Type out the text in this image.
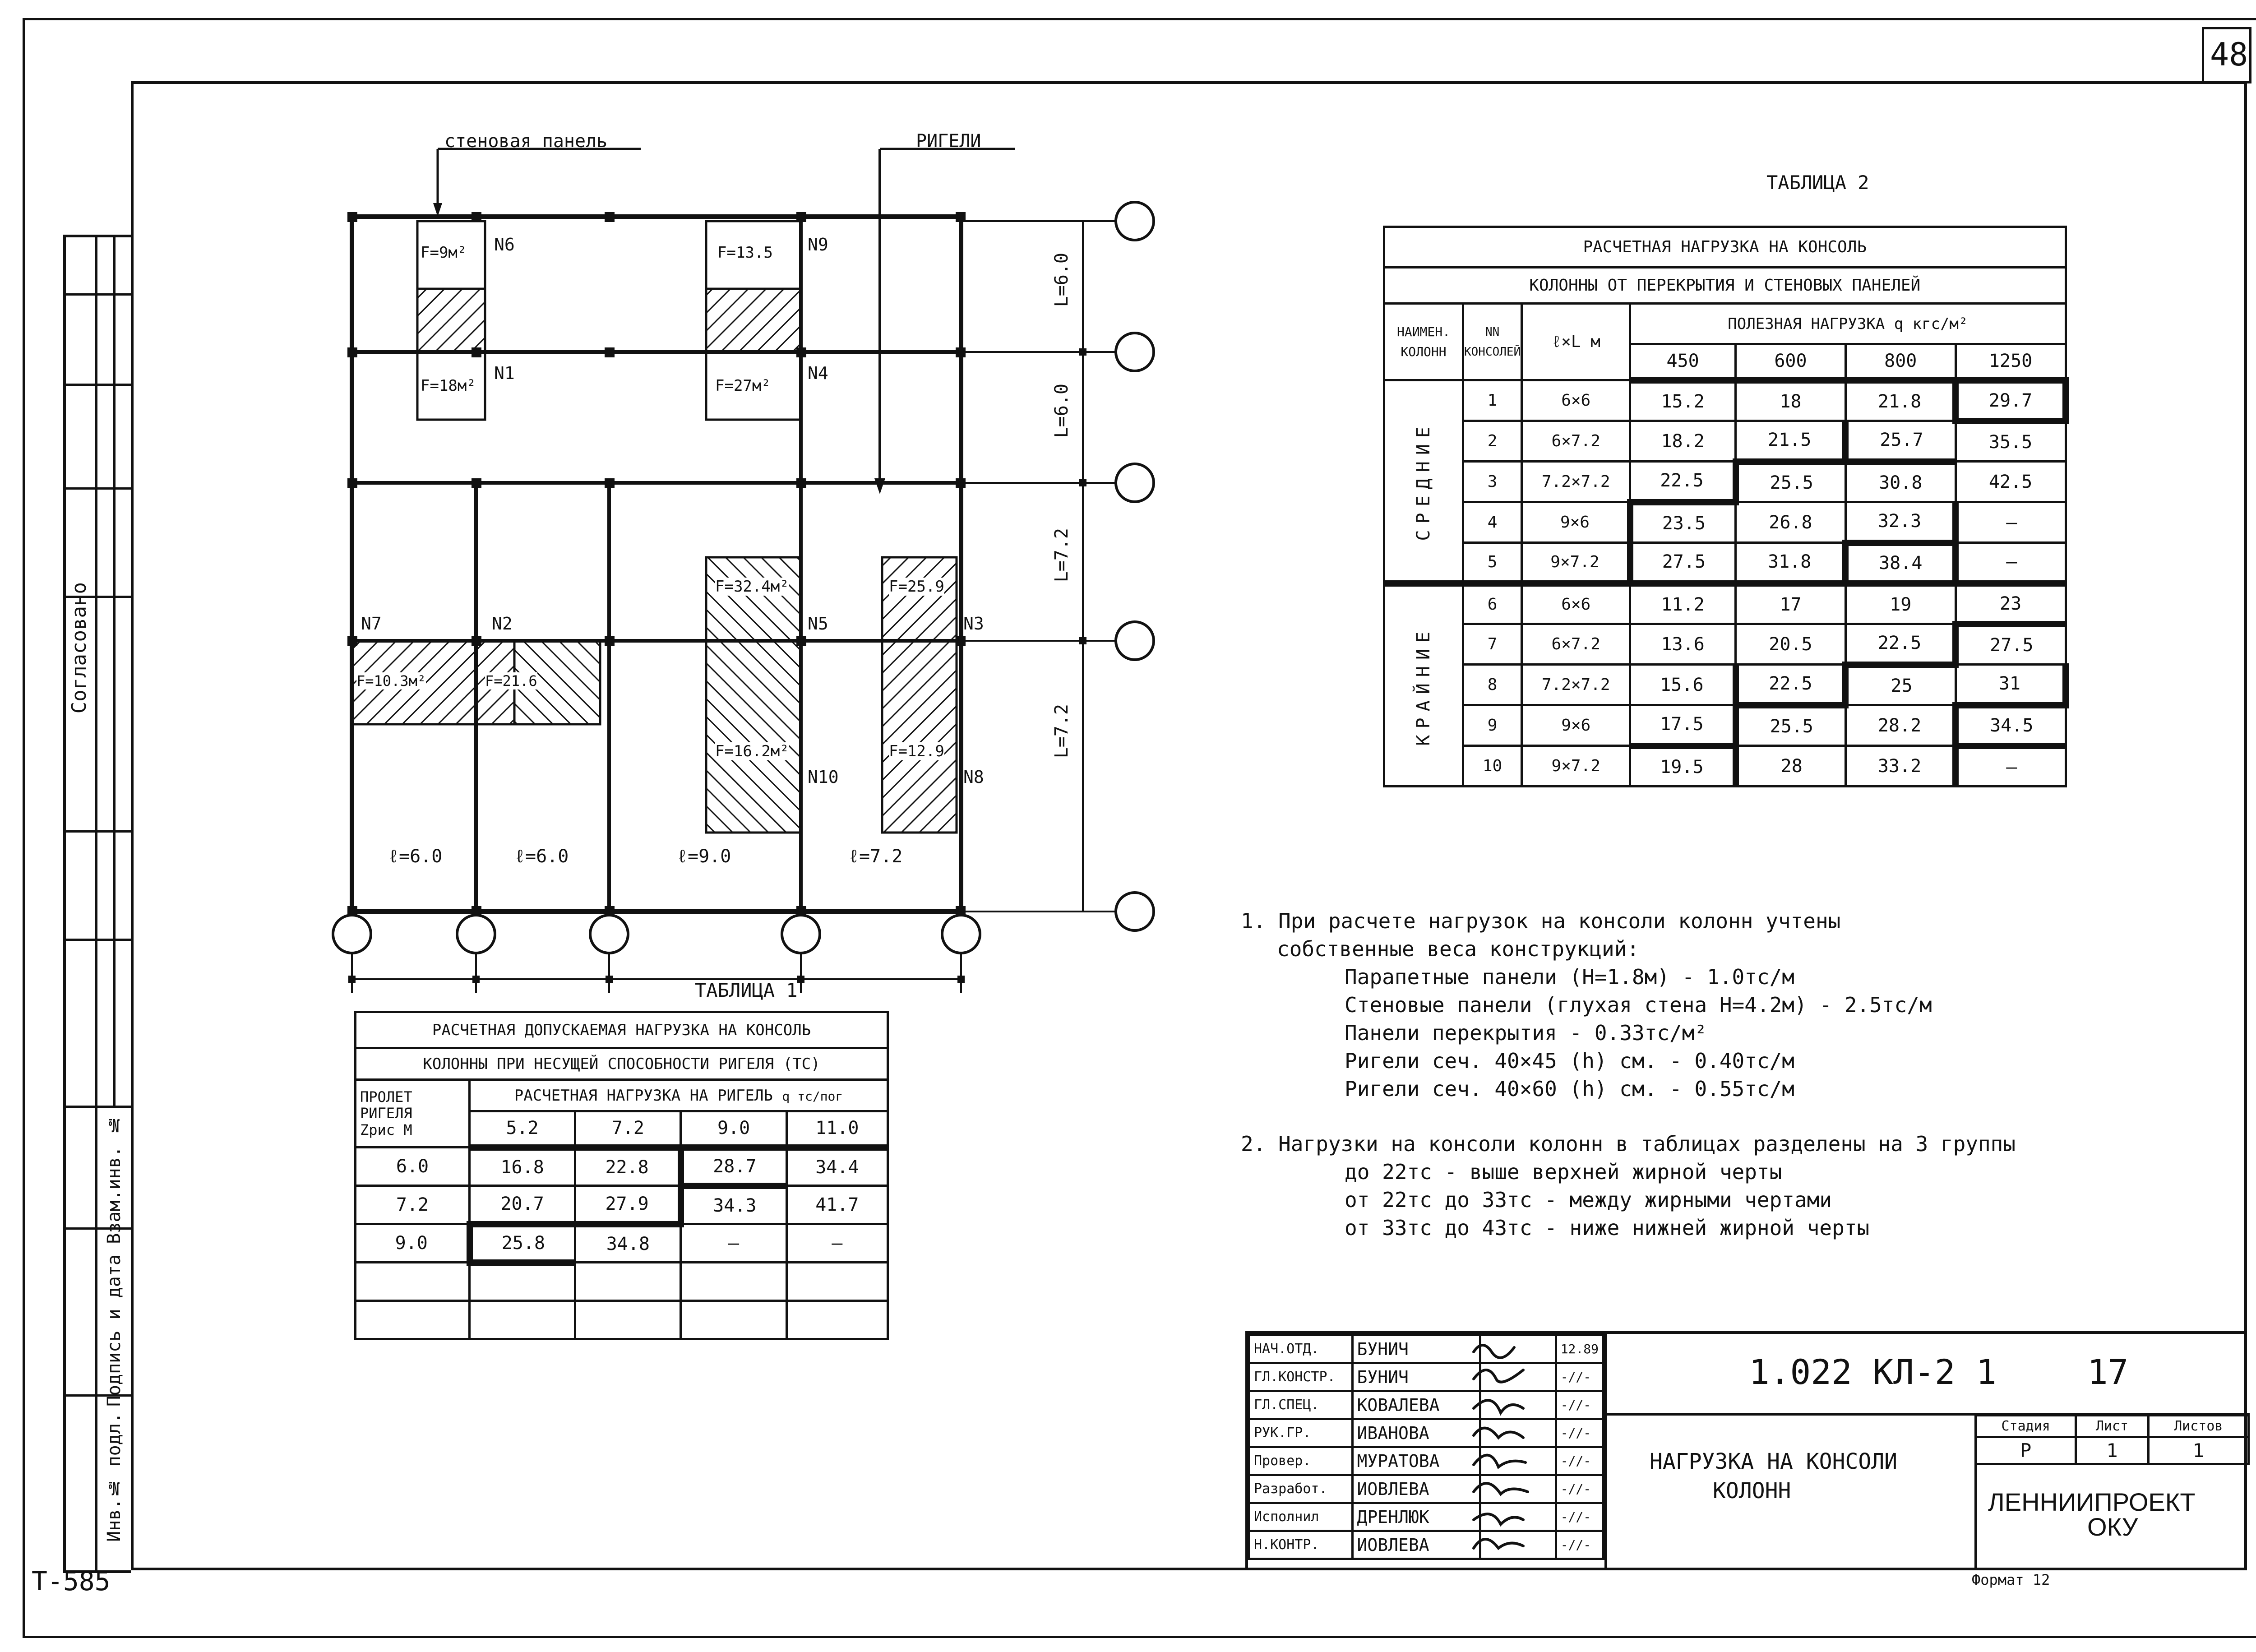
48
Согласовано
Взам.инв. №
Подпись и дата
Инв.№ подл.
Т-585
стеновая панель	РИГЕЛИ
N6	N9
N1	N4
N7	N2	N5	N3
N10	N8
F=9м²	F=13.5
F=18м²	F=27м²
F=32.4м²	F=25.9
F=10.3м²	F=21.6
F=16.2м²	F=12.9
L=6.0
L=6.0
L=7.2
L=7.2
ℓ=6.0	ℓ=6.0	ℓ=9.0	ℓ=7.2
ТАБЛИЦА 1
РАСЧЕТНАЯ ДОПУСКАЕМАЯ НАГРУЗКА НА КОНСОЛЬ				

КОЛОННЫ ПРИ НЕСУЩЕЙ СПОСОБНОСТИ РИГЕЛЯ (ТС)				

ПРОЛЕТ РИГЕЛЯ
Zрис М	РАСЧЕТНАЯ НАГРУЗКА НА РИГЕЛЬ q тс/пог			
	5.2	7.2	9.0	11.0
6.0	16.8	22.8	28.7	34.4
7.2	20.7	27.9	34.3	41.7
9.0	25.8	34.8	—	—

ТАБЛИЦА 2
РАСЧЕТНАЯ НАГРУЗКА НА КОНСОЛЬ						

КОЛОННЫ ОТ ПЕРЕКРЫТИЯ И СТЕНОВЫХ ПАНЕЛЕЙ						

НАИМЕН. КОЛОНН	NN КОНСОЛЕЙ	ℓ×L м	ПОЛЕЗНАЯ НАГРУЗКА q кгс/м²			
			450	600	800	1250

СРЕДНИЕ	1	6×6	15.2	18	21.8	29.7
	2	6×7.2	18.2	21.5	25.7	35.5
	3	7.2×7.2	22.5	25.5	30.8	42.5
	4	9×6	23.5	26.8	32.3	—
	5	9×7.2	27.5	31.8	38.4	—

КРАЙНИЕ	6	6×6	11.2	17	19	23
	7	6×7.2	13.6	20.5	22.5	27.5
	8	7.2×7.2	15.6	22.5	25	31
	9	9×6	17.5	25.5	28.2	34.5
	10	9×7.2	19.5	28	33.2	—
1. При расчете нагрузок на консоли колонн учтены
собственные веса конструкций:
Парапетные панели (H=1.8м) - 1.0тс/м
Стеновые панели (глухая стена H=4.2м) - 2.5тс/м
Панели перекрытия - 0.33тс/м²
Ригели сеч. 40×45 (h) см. - 0.40тс/м
Ригели сеч. 40×60 (h) см. - 0.55тс/м
2. Нагрузки на консоли колонн в таблицах разделены на 3 группы
до 22тс - выше верхней жирной черты
от 22тс до 33тс - между жирными чертами
от 33тс до 43тс - ниже нижней жирной черты
НАЧ.ОТД.	БУНИЧ		12.89
ГЛ.КОНСТР.	БУНИЧ		-//-
ГЛ.СПЕЦ.	КОВАЛЕВА		-//-
РУК.ГР.	ИВАНОВА		-//-
Провер.	МУРАТОВА		-//-
Разработ.	ИОВЛЕВА		-//-
Исполнил	ДРЕНЛЮК		-//-
Н.КОНТР.	ИОВЛЕВА		-//-
1.022 КЛ-2 1	17
НАГРУЗКА НА КОНСОЛИ
КОЛОНН
Стадия	Лист	Листов
Р	1	1
ЛЕННИИПРОЕКТ
ОКУ
Формат 12
